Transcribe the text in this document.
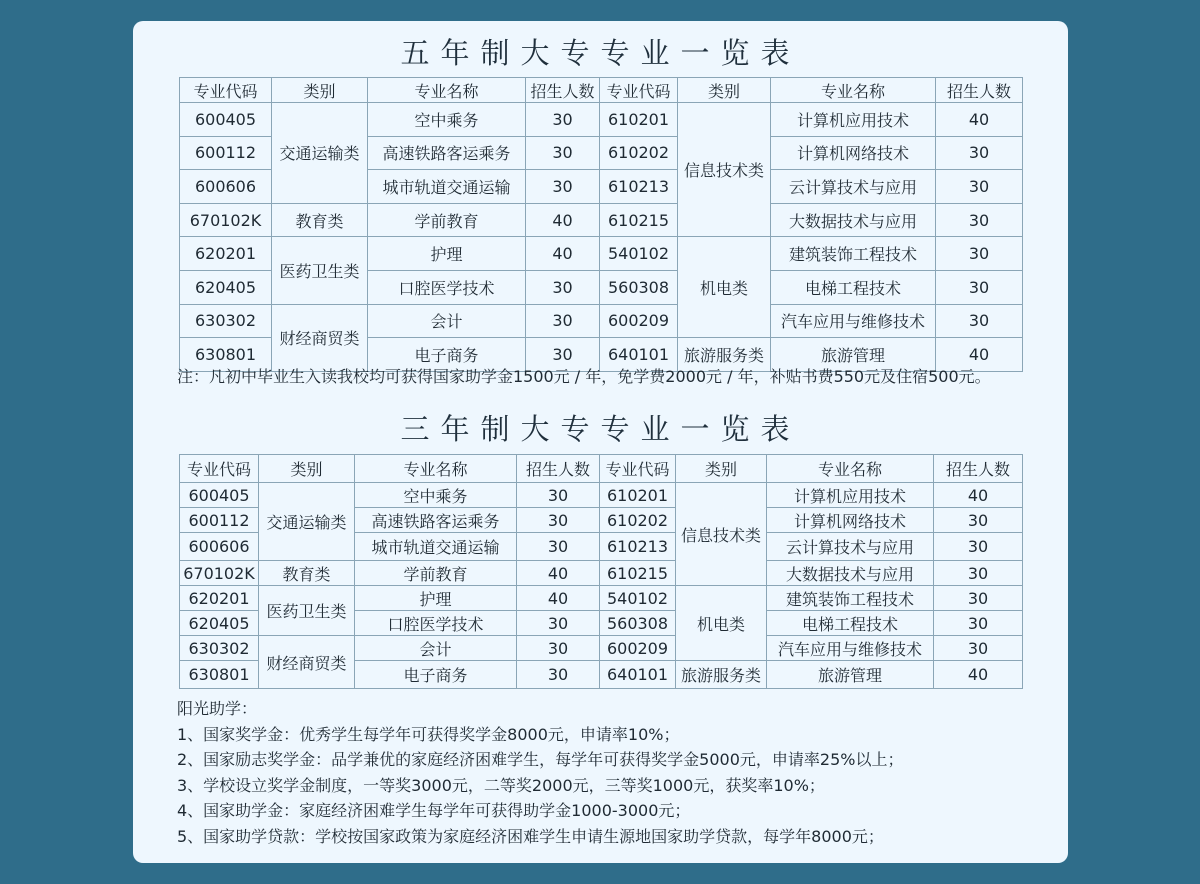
五年制大专专业一览表
专业代码	类别	专业名称	招生人数	专业代码	类别	专业名称	招生人数
600405	交通运输类	空中乘务	30	610201	信息技术类	计算机应用技术	40
600112		高速铁路客运乘务	30	610202		计算机网络技术	30
600606		城市轨道交通运输	30	610213		云计算技术与应用	30
670102K	教育类	学前教育	40	610215		大数据技术与应用	30
620201	医药卫生类	护理	40	540102	机电类	建筑装饰工程技术	30
620405		口腔医学技术	30	560308		电梯工程技术	30
630302	财经商贸类	会计	30	600209		汽车应用与维修技术	30
630801		电子商务	30	640101	旅游服务类	旅游管理	40
注：凡初中毕业生入读我校均可获得国家助学金1500元 / 年，免学费2000元 / 年，补贴书费550元及住宿500元。
三年制大专专业一览表
专业代码	类别	专业名称	招生人数	专业代码	类别	专业名称	招生人数
600405	交通运输类	空中乘务	30	610201	信息技术类	计算机应用技术	40
600112		高速铁路客运乘务	30	610202		计算机网络技术	30
600606		城市轨道交通运输	30	610213		云计算技术与应用	30
670102K	教育类	学前教育	40	610215		大数据技术与应用	30
620201	医药卫生类	护理	40	540102	机电类	建筑装饰工程技术	30
620405		口腔医学技术	30	560308		电梯工程技术	30
630302	财经商贸类	会计	30	600209		汽车应用与维修技术	30
630801		电子商务	30	640101	旅游服务类	旅游管理	40
阳光助学：
1、国家奖学金：优秀学生每学年可获得奖学金8000元，申请率10%；
2、国家励志奖学金：品学兼优的家庭经济困难学生，每学年可获得奖学金5000元，申请率25%以上；
3、学校设立奖学金制度，一等奖3000元，二等奖2000元，三等奖1000元，获奖率10%；
4、国家助学金：家庭经济困难学生每学年可获得助学金1000-3000元；
5、国家助学贷款：学校按国家政策为家庭经济困难学生申请生源地国家助学贷款，每学年8000元；
